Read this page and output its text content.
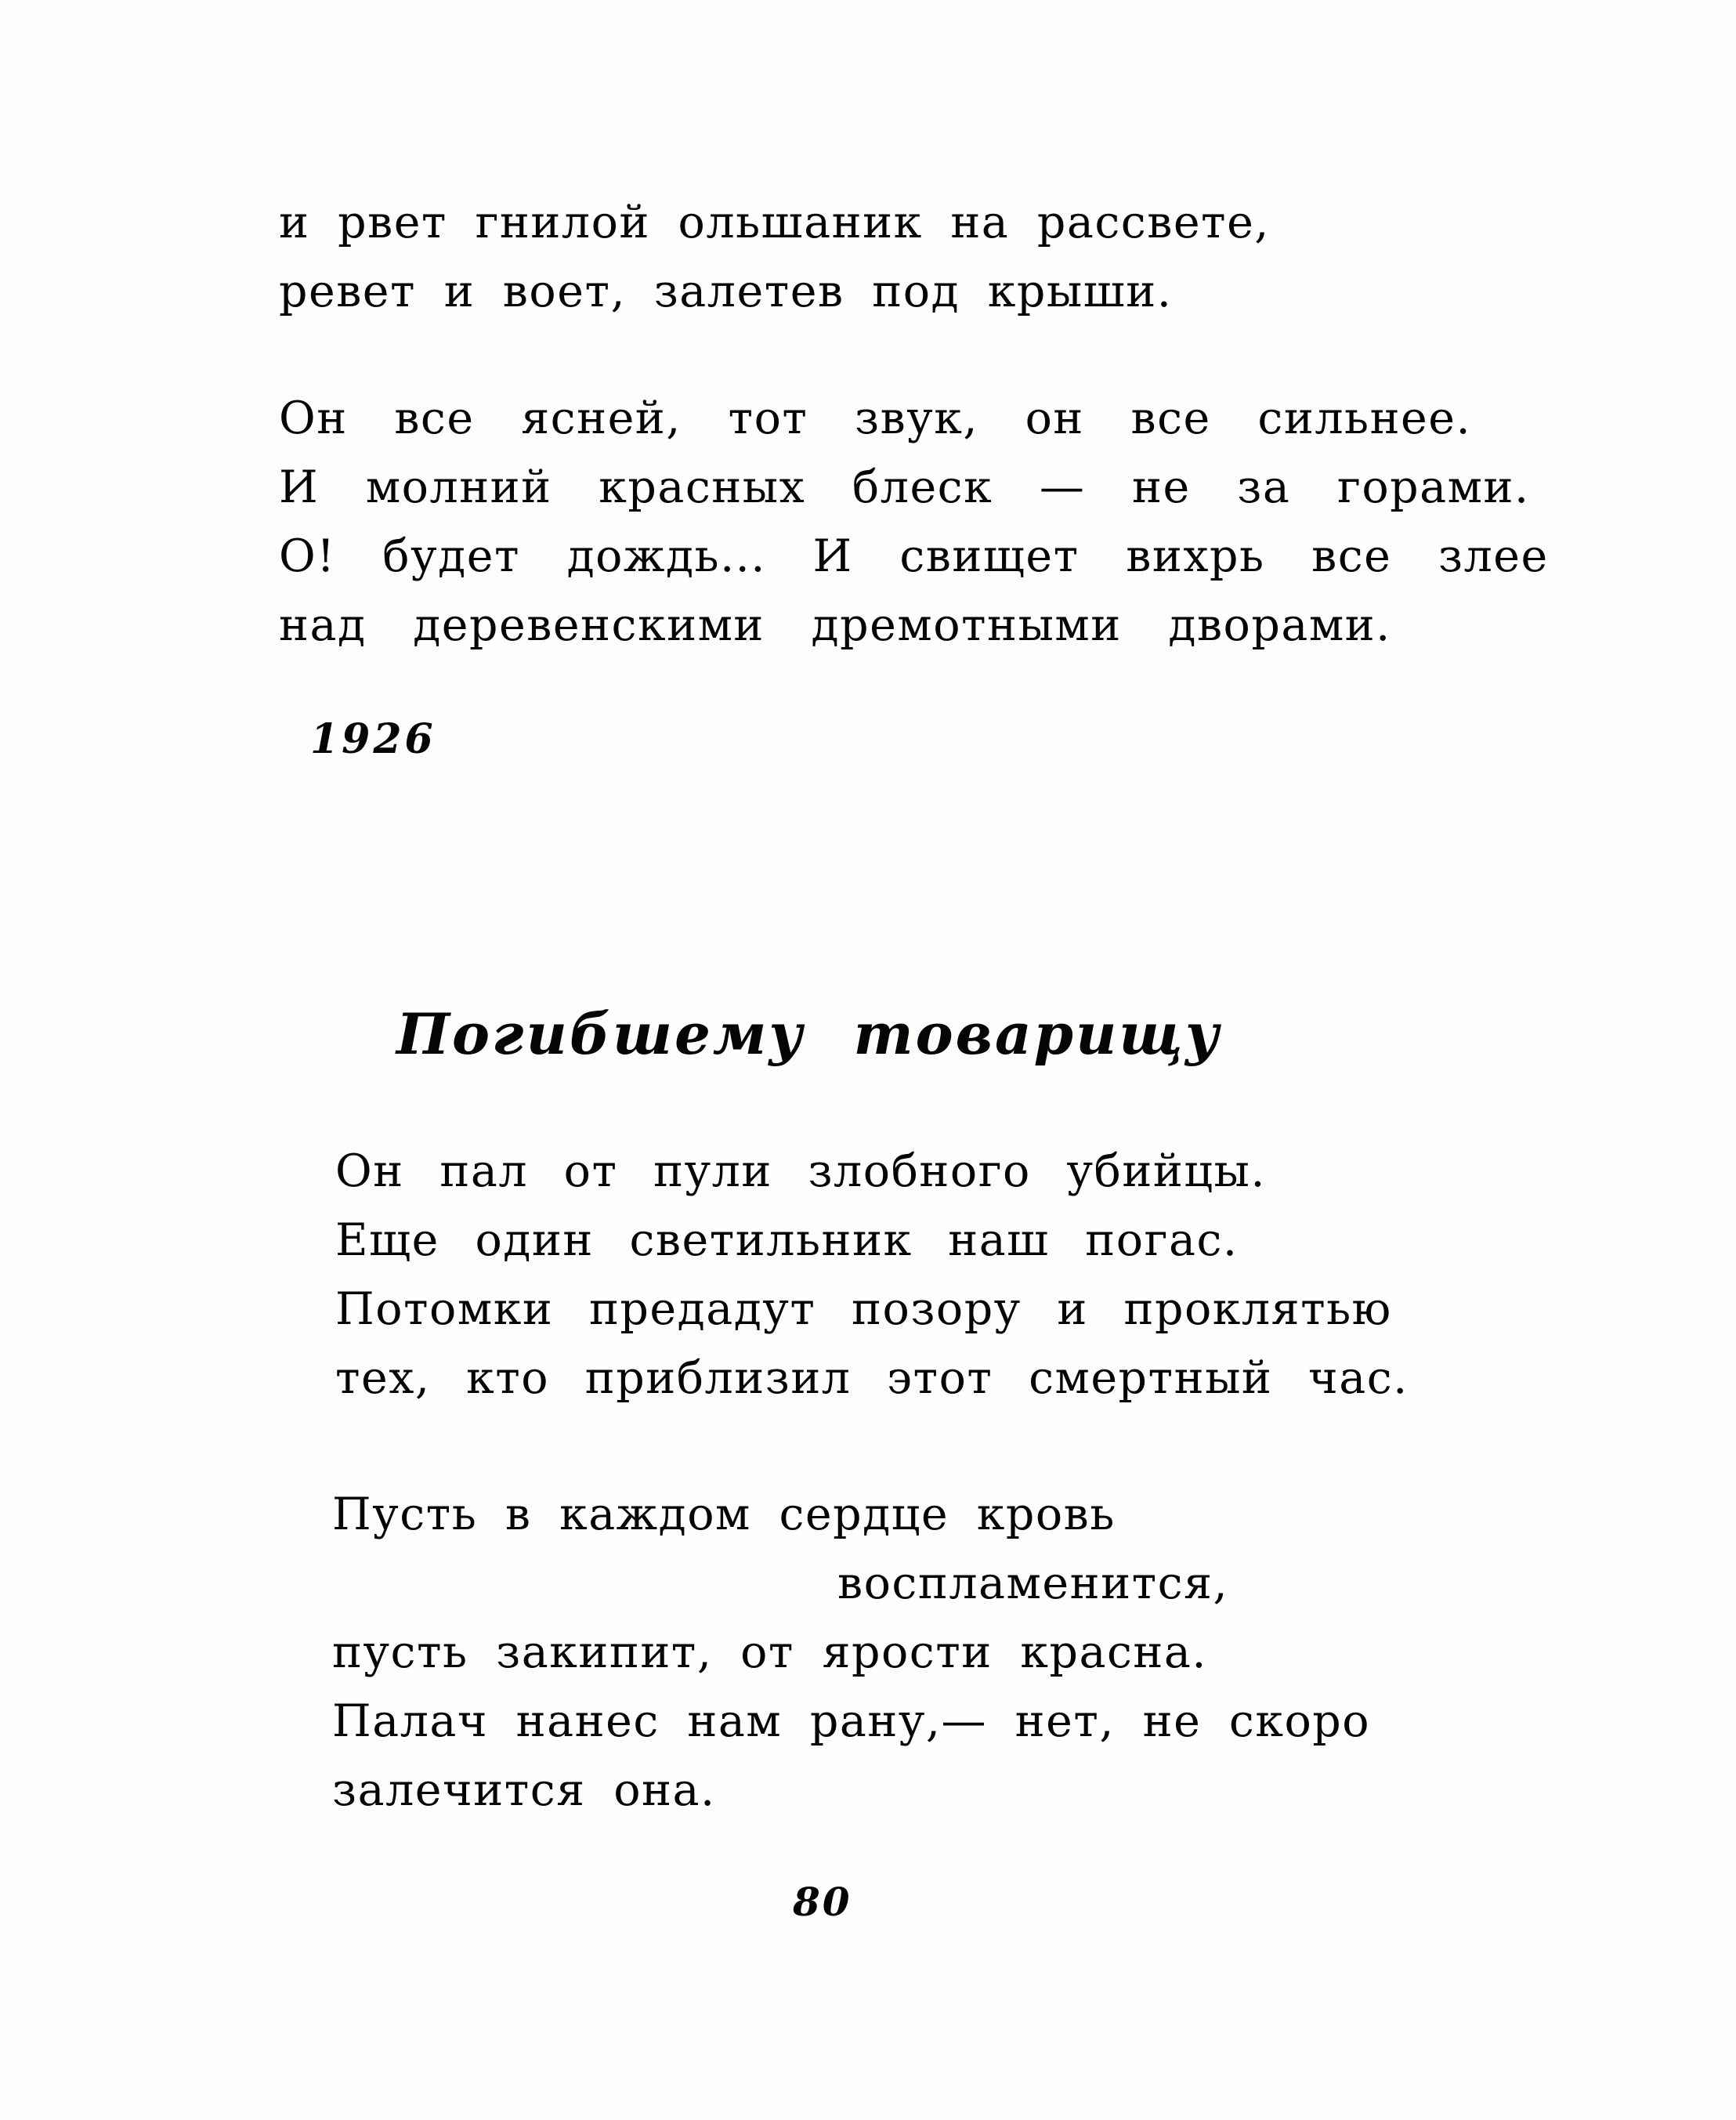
и рвет гнилой ольшаник на рассвете,
ревет и воет, залетев под крыши.
Он все ясней, тот звук, он все сильнее.
И молний красных блеск — не за горами.
О! будет дождь... И свищет вихрь все злее
над деревенскими дремотными дворами.
1926
Погибшему товарищу
Он пал от пули злобного убийцы.
Еще один светильник наш погас.
Потомки предадут позору и проклятью
тех, кто приблизил этот смертный час.
Пусть в каждом сердце кровь
воспламенится,
пусть закипит, от ярости красна.
Палач нанес нам рану,— нет, не скоро
залечится она.
80
